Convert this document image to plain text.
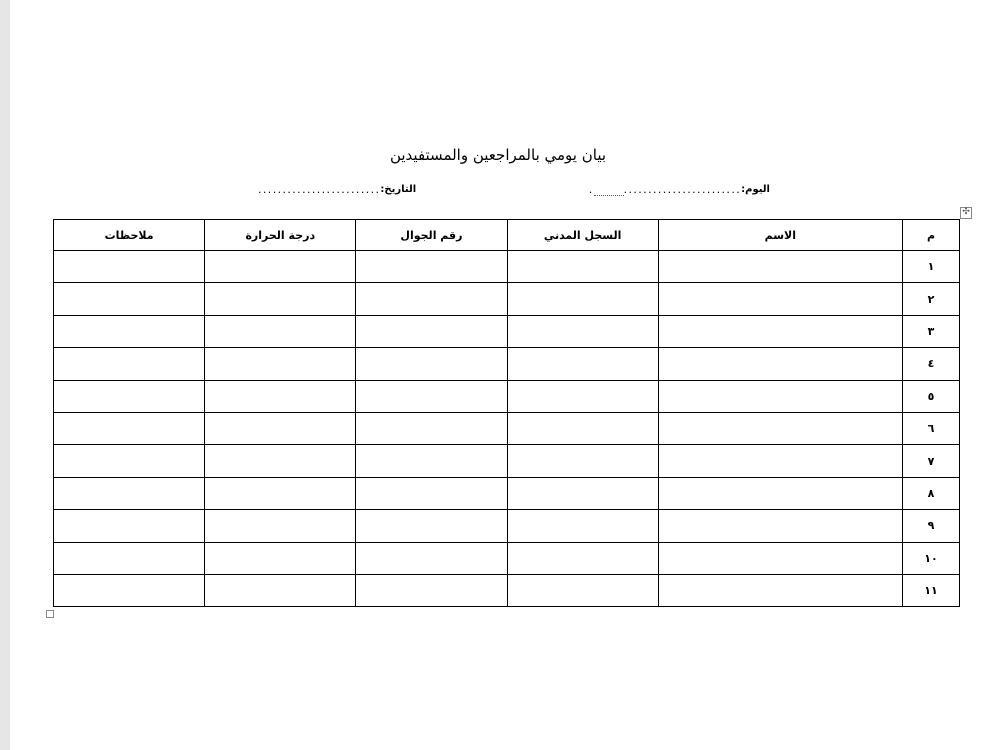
بيان يومي بالمراجعين والمستفيدين
اليوم:
........................
.
التاريخ:
.........................
✣
م	الاسم	السجل المدني	رقم الجوال	درجة الحرارة	ملاحظات
١					
٢					
٣					
٤					
٥					
٦					
٧					
٨					
٩					
١٠					
١١					
